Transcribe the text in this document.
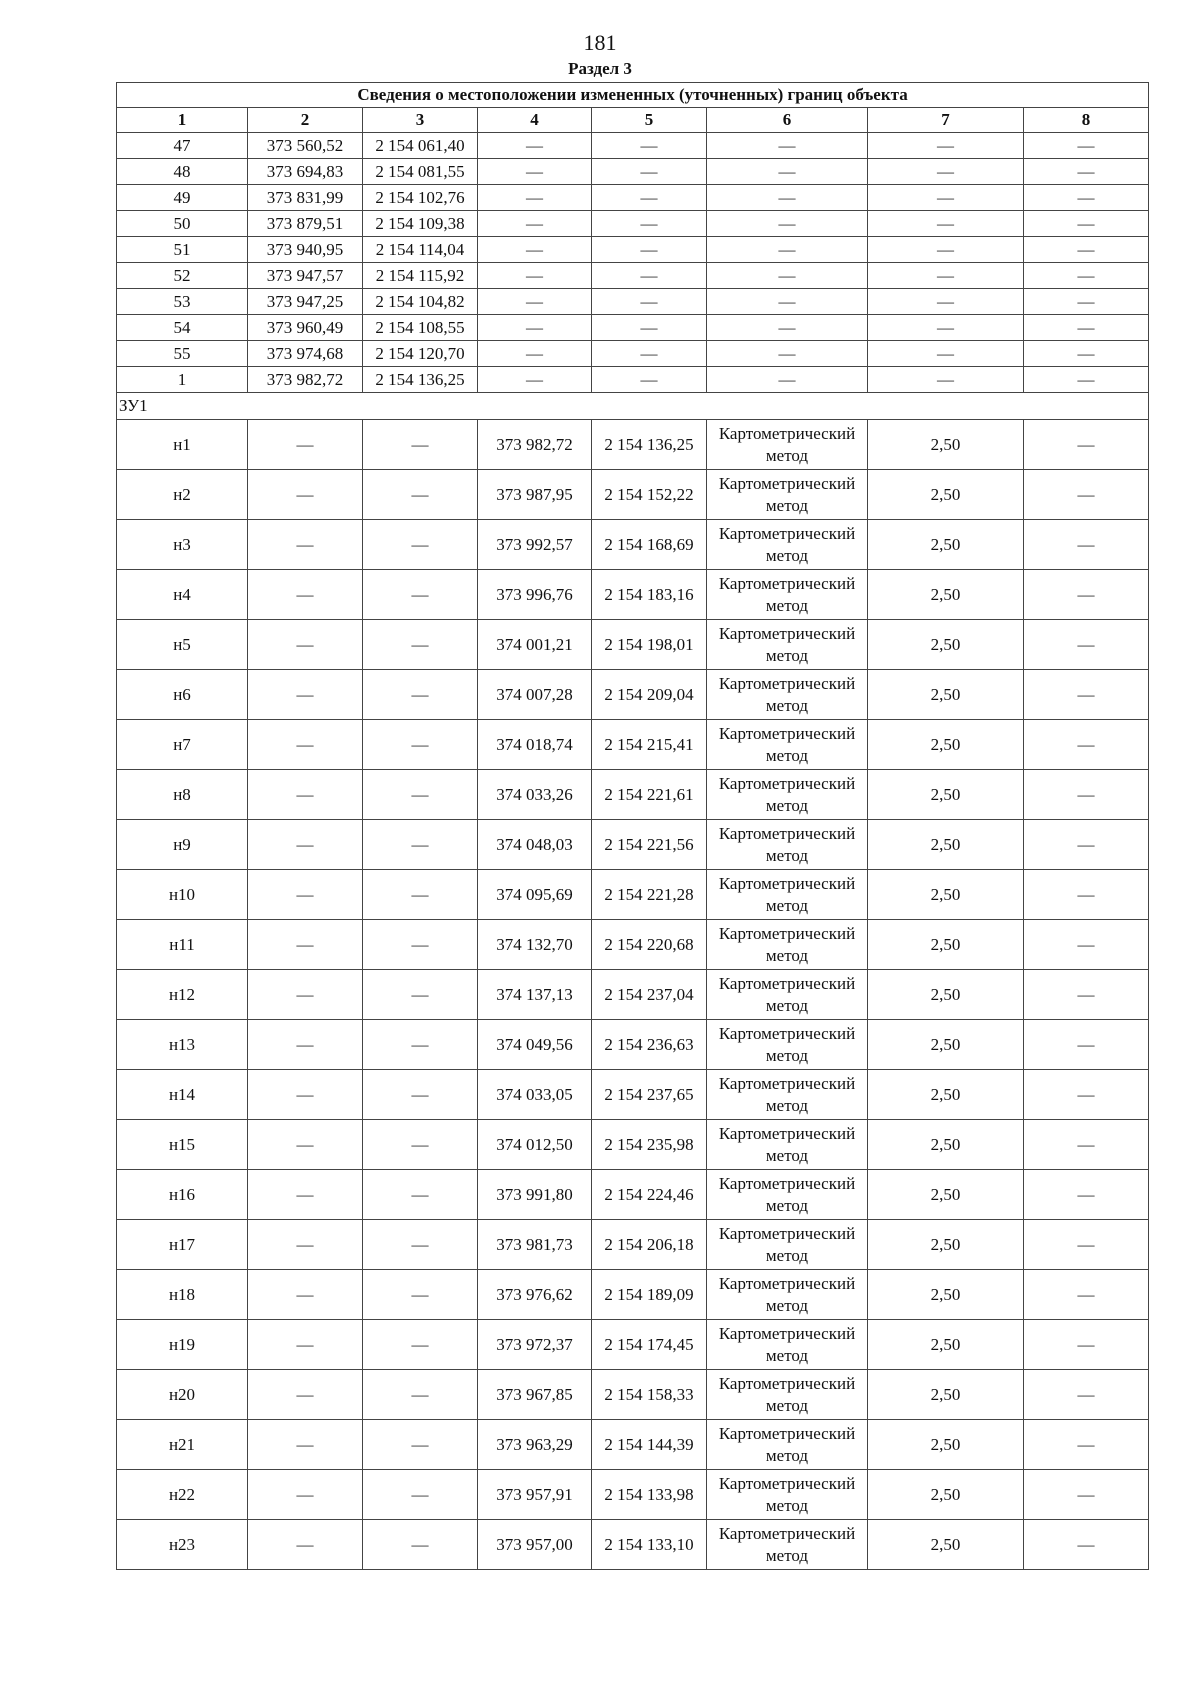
181
Раздел 3
Сведения о местоположении измененных (уточненных) границ объекта							
1	2	3	4	5	6	7	8
47	373 560,52	2 154 061,40	—	—	—	—	—
48	373 694,83	2 154 081,55	—	—	—	—	—
49	373 831,99	2 154 102,76	—	—	—	—	—
50	373 879,51	2 154 109,38	—	—	—	—	—
51	373 940,95	2 154 114,04	—	—	—	—	—
52	373 947,57	2 154 115,92	—	—	—	—	—
53	373 947,25	2 154 104,82	—	—	—	—	—
54	373 960,49	2 154 108,55	—	—	—	—	—
55	373 974,68	2 154 120,70	—	—	—	—	—
1	373 982,72	2 154 136,25	—	—	—	—	—
ЗУ1							
н1	—	—	373 982,72	2 154 136,25	Картометрический метод	2,50	—
н2	—	—	373 987,95	2 154 152,22	Картометрический метод	2,50	—
н3	—	—	373 992,57	2 154 168,69	Картометрический метод	2,50	—
н4	—	—	373 996,76	2 154 183,16	Картометрический метод	2,50	—
н5	—	—	374 001,21	2 154 198,01	Картометрический метод	2,50	—
н6	—	—	374 007,28	2 154 209,04	Картометрический метод	2,50	—
н7	—	—	374 018,74	2 154 215,41	Картометрический метод	2,50	—
н8	—	—	374 033,26	2 154 221,61	Картометрический метод	2,50	—
н9	—	—	374 048,03	2 154 221,56	Картометрический метод	2,50	—
н10	—	—	374 095,69	2 154 221,28	Картометрический метод	2,50	—
н11	—	—	374 132,70	2 154 220,68	Картометрический метод	2,50	—
н12	—	—	374 137,13	2 154 237,04	Картометрический метод	2,50	—
н13	—	—	374 049,56	2 154 236,63	Картометрический метод	2,50	—
н14	—	—	374 033,05	2 154 237,65	Картометрический метод	2,50	—
н15	—	—	374 012,50	2 154 235,98	Картометрический метод	2,50	—
н16	—	—	373 991,80	2 154 224,46	Картометрический метод	2,50	—
н17	—	—	373 981,73	2 154 206,18	Картометрический метод	2,50	—
н18	—	—	373 976,62	2 154 189,09	Картометрический метод	2,50	—
н19	—	—	373 972,37	2 154 174,45	Картометрический метод	2,50	—
н20	—	—	373 967,85	2 154 158,33	Картометрический метод	2,50	—
н21	—	—	373 963,29	2 154 144,39	Картометрический метод	2,50	—
н22	—	—	373 957,91	2 154 133,98	Картометрический метод	2,50	—
н23	—	—	373 957,00	2 154 133,10	Картометрический метод	2,50	—
